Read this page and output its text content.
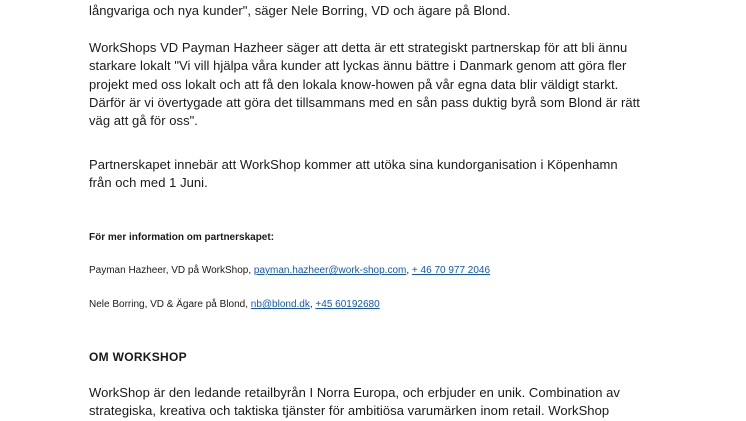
långvariga och nya kunder", säger Nele Borring, VD och ägare på Blond.

WorkShops VD Payman Hazheer säger att detta är ett strategiskt partnerskap för att bli ännu
starkare lokalt "Vi vill hjälpa våra kunder att lyckas ännu bättre i Danmark genom att göra fler
projekt med oss lokalt och att få den lokala know-howen på vår egna data blir väldigt starkt.
Därför är vi övertygade att göra det tillsammans med en sån pass duktig byrå som Blond är rätt
väg att gå för oss".

Partnerskapet innebär att WorkShop kommer att utöka sina kundorganisation i Köpenhamn
från och med 1 Juni.

För mer information om partnerskapet:

Payman Hazheer, VD på WorkShop, payman.hazheer@work-shop.com, + 46 70 977 2046

Nele Borring, VD & Ägare på Blond, nb@blond.dk, +45 60192680

OM WORKSHOP

WorkShop är den ledande retailbyrån I Norra Europa, och erbjuder en unik. Combination av
strategiska, kreativa och taktiska tjänster för ambitiösa varumärken inom retail. WorkShop
